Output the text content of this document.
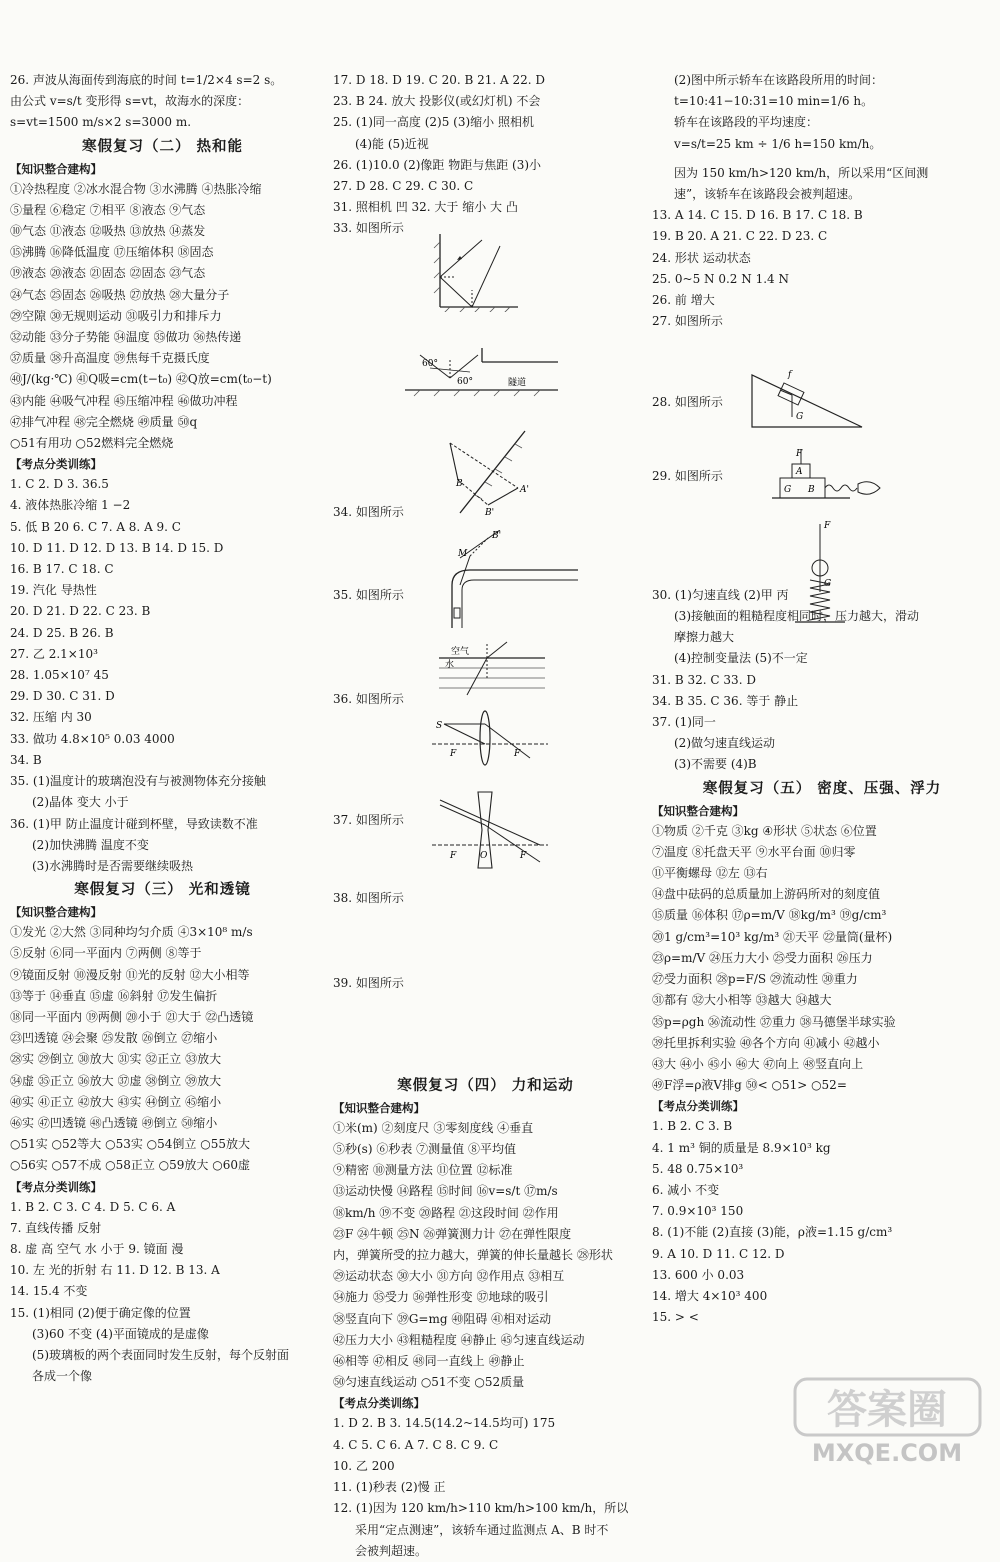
26. 声波从海面传到海底的时间 t=1/2×4 s=2 s。
由公式 v=s/t 变形得 s=vt，故海水的深度：
s=vt=1500 m/s×2 s=3000 m.
寒假复习（二） 热和能
【知识整合建构】
①冷热程度 ②冰水混合物 ③水沸腾 ④热胀冷缩
⑤量程 ⑥稳定 ⑦相平 ⑧液态 ⑨气态
⑩气态 ⑪液态 ⑫吸热 ⑬放热 ⑭蒸发
⑮沸腾 ⑯降低温度 ⑰压缩体积 ⑱固态
⑲液态 ⑳液态 ㉑固态 ㉒固态 ㉓气态
㉔气态 ㉕固态 ㉖吸热 ㉗放热 ㉘大量分子
㉙空隙 ㉚无规则运动 ㉛吸引力和排斥力
㉜动能 ㉝分子势能 ㉞温度 ㉟做功 ㊱热传递
㊲质量 ㊳升高温度 ㊴焦每千克摄氏度
㊵J/(kg·℃) ㊶Q吸=cm(t−t₀) ㊷Q放=cm(t₀−t)
㊸内能 ㊹吸气冲程 ㊺压缩冲程 ㊻做功冲程
㊼排气冲程 ㊽完全燃烧 ㊾质量 ㊿q
○51有用功 ○52燃料完全燃烧
【考点分类训练】
1. C 2. D 3. 36.5
4. 液体热胀冷缩 1 −2
5. 低 B 20 6. C 7. A 8. A 9. C
10. D 11. D 12. D 13. B 14. D 15. D
16. B 17. C 18. C
19. 汽化 导热性
20. D 21. D 22. C 23. B
24. D 25. B 26. B
27. 乙 2.1×10³
28. 1.05×10⁷ 45
29. D 30. C 31. D
32. 压缩 内 30
33. 做功 4.8×10⁵ 0.03 4000
34. B
35. (1)温度计的玻璃泡没有与被测物体充分接触
(2)晶体 变大 小于
36. (1)甲 防止温度计碰到杯壁，导致读数不准
(2)加快沸腾 温度不变
(3)水沸腾时是否需要继续吸热
寒假复习（三） 光和透镜
【知识整合建构】
①发光 ②大然 ③同种均匀介质 ④3×10⁸ m/s
⑤反射 ⑥同一平面内 ⑦两侧 ⑧等于
⑨镜面反射 ⑩漫反射 ⑪光的反射 ⑫大小相等
⑬等于 ⑭垂直 ⑮虚 ⑯斜射 ⑰发生偏折
⑱同一平面内 ⑲两侧 ⑳小于 ㉑大于 ㉒凸透镜
㉓凹透镜 ㉔会聚 ㉕发散 ㉖倒立 ㉗缩小
㉘实 ㉙倒立 ㉚放大 ㉛实 ㉜正立 ㉝放大
㉞虚 ㉟正立 ㊱放大 ㊲虚 ㊳倒立 ㊴放大
㊵实 ㊶正立 ㊷放大 ㊸实 ㊹倒立 ㊺缩小
㊻实 ㊼凹透镜 ㊽凸透镜 ㊾倒立 ㊿缩小
○51实 ○52等大 ○53实 ○54倒立 ○55放大
○56实 ○57不成 ○58正立 ○59放大 ○60虚
【考点分类训练】
1. B 2. C 3. C 4. D 5. C 6. A
7. 直线传播 反射
8. 虚 高 空气 水 小于 9. 镜面 漫
10. 左 光的折射 右 11. D 12. B 13. A
14. 15.4 不变
15. (1)相同 (2)便于确定像的位置
(3)60 不变 (4)平面镜成的是虚像
(5)玻璃板的两个表面同时发生反射，每个反射面
各成一个像
17. D 18. D 19. C 20. B 21. A 22. D
23. B 24. 放大 投影仪(或幻灯机) 不会
25. (1)同一高度 (2)5 (3)缩小 照相机
(4)能 (5)近视
26. (1)10.0 (2)像距 物距与焦距 (3)小
27. D 28. C 29. C 30. C
31. 照相机 凹 32. 大于 缩小 大 凸
33. 如图所示
34. 如图所示
35. 如图所示
36. 如图所示
37. 如图所示
38. 如图所示
39. 如图所示
寒假复习（四） 力和运动
【知识整合建构】
①米(m) ②刻度尺 ③零刻度线 ④垂直
⑤秒(s) ⑥秒表 ⑦测量值 ⑧平均值
⑨精密 ⑩测量方法 ⑪位置 ⑫标准
⑬运动快慢 ⑭路程 ⑮时间 ⑯v=s/t ⑰m/s
⑱km/h ⑲不变 ⑳路程 ㉑这段时间 ㉒作用
㉓F ㉔牛顿 ㉕N ㉖弹簧测力计 ㉗在弹性限度
内，弹簧所受的拉力越大，弹簧的伸长量越长 ㉘形状
㉙运动状态 ㉚大小 ㉛方向 ㉜作用点 ㉝相互
㉞施力 ㉟受力 ㊱弹性形变 ㊲地球的吸引
㊳竖直向下 ㊴G=mg ㊵阻碍 ㊶相对运动
㊷压力大小 ㊸粗糙程度 ㊹静止 ㊺匀速直线运动
㊻相等 ㊼相反 ㊽同一直线上 ㊾静止
㊿匀速直线运动 ○51不变 ○52质量
【考点分类训练】
1. D 2. B 3. 14.5(14.2~14.5均可) 175
4. C 5. C 6. A 7. C 8. C 9. C
10. 乙 200
11. (1)秒表 (2)慢 正
12. (1)因为 120 km/h>110 km/h>100 km/h，所以
采用“定点测速”，该轿车通过监测点 A、B 时不
会被判超速。
(2)图中所示轿车在该路段所用的时间：
t=10:41−10:31=10 min=1/6 h。
轿车在该路段的平均速度：
v=s/t=25 km ÷ 1/6 h=150 km/h。
因为 150 km/h>120 km/h，所以采用“区间测
速”，该轿车在该路段会被判超速。
13. A 14. C 15. D 16. B 17. C 18. B
19. B 20. A 21. C 22. D 23. C
24. 形状 运动状态
25. 0~5 N 0.2 N 1.4 N
26. 前 增大
27. 如图所示
28. 如图所示
29. 如图所示
30. (1)匀速直线 (2)甲 丙
(3)接触面的粗糙程度相同时，压力越大，滑动
摩擦力越大
(4)控制变量法 (5)不一定
31. B 32. C 33. D
34. B 35. C 36. 等于 静止
37. (1)同一
(2)做匀速直线运动
(3)不需要 (4)B
寒假复习（五） 密度、压强、浮力
【知识整合建构】
①物质 ②千克 ③kg ④形状 ⑤状态 ⑥位置
⑦温度 ⑧托盘天平 ⑨水平台面 ⑩归零
⑪平衡螺母 ⑫左 ⑬右
⑭盘中砝码的总质量加上游码所对的刻度值
⑮质量 ⑯体积 ⑰ρ=m/V ⑱kg/m³ ⑲g/cm³
⑳1 g/cm³=10³ kg/m³ ㉑天平 ㉒量筒(量杯)
㉓ρ=m/V ㉔压力大小 ㉕受力面积 ㉖压力
㉗受力面积 ㉘p=F/S ㉙流动性 ㉚重力
㉛都有 ㉜大小相等 ㉝越大 ㉞越大
㉟p=ρgh ㊱流动性 ㊲重力 ㊳马德堡半球实验
㊴托里拆利实验 ㊵各个方向 ㊶减小 ㊷越小
㊸大 ㊹小 ㊺小 ㊻大 ㊼向上 ㊽竖直向上
㊾F浮=ρ液V排g ㊿< ○51> ○52=
【考点分类训练】
1. B 2. C 3. B
4. 1 m³ 铜的质量是 8.9×10³ kg
5. 48 0.75×10³
6. 减小 不变
7. 0.9×10³ 150
8. (1)不能 (2)直接 (3)能，ρ液=1.15 g/cm³
9. A 10. D 11. C 12. D
13. 600 小 0.03
14. 增大 4×10³ 400
15. > <
60°
60°	隧道
B
A'
B'
M
B'
空气
水
S
F	F
F	O	F
f
G
F
A
G B
F
G
答案圈
MXQE.COM
